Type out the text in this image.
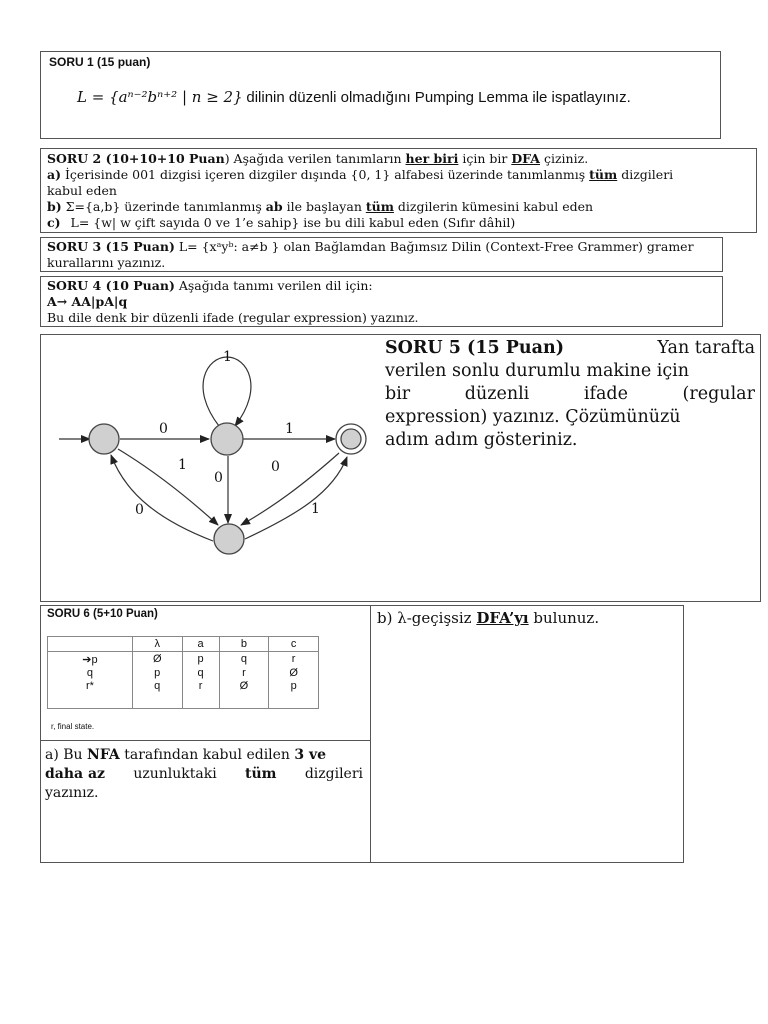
SORU 1 (15 puan)
L = {aⁿ⁻²bⁿ⁺² | n ≥ 2} dilinin düzenli olmadığını Pumping Lemma ile ispatlayınız.
SORU 2 (10+10+10 Puan) Aşağıda verilen tanımların her biri için bir DFA çiziniz.
a) İçerisinde 001 dizgisi içeren dizgiler dışında {0, 1} alfabesi üzerinde tanımlanmış tüm dizgileri
kabul eden
b) Σ={a,b} üzerinde tanımlanmış ab ile başlayan tüm dizgilerin kümesini kabul eden
c) L= {w| w çift sayıda 0 ve 1’e sahip} ise bu dili kabul eden (Sıfır dâhil)
SORU 3 (15 Puan) L= {xᵃyᵇ: a≠b } olan Bağlamdan Bağımsız Dilin (Context-Free Grammer) gramer
kurallarını yazınız.
SORU 4 (10 Puan) Aşağıda tanımı verilen dil için:
A→ AA|pA|q
Bu dile denk bir düzenli ifade (regular expression) yazınız.
1
0	1
0
1
0	1
0
SORU 5 (15 Puan)	Yan tarafta
verilen sonlu durumlu makine için
bir	düzenli	ifade	(regular
expression) yazınız. Çözümünüzü
adım adım gösteriniz.
SORU 6 (5+10 Puan)
	λ	a	b	c
➔p	Ø	p	q	r
q	p	q	r	Ø
r*	q	r	Ø	p
r, final state.
a) Bu NFA tarafından kabul edilen 3 ve
daha az uzunluktaki tüm dizgileri
yazınız.
b) λ-geçişsiz DFA’yı bulunuz.
